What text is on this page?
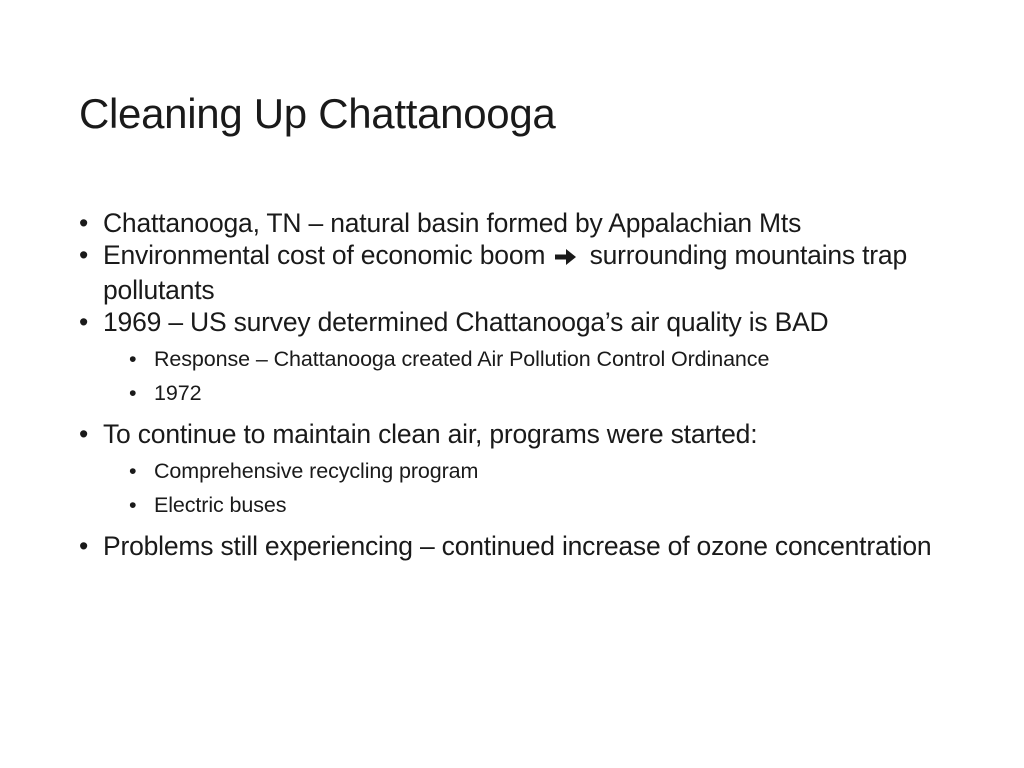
Cleaning Up Chattanooga
• Chattanooga, TN – natural basin formed by Appalachian Mts
• Environmental cost of economic boom surrounding mountains trap pollutants
• 1969 – US survey determined Chattanooga’s air quality is BAD
• Response – Chattanooga created Air Pollution Control Ordinance
• 1972
• To continue to maintain clean air, programs were started:
• Comprehensive recycling program
• Electric buses
• Problems still experiencing – continued increase of ozone concentration
